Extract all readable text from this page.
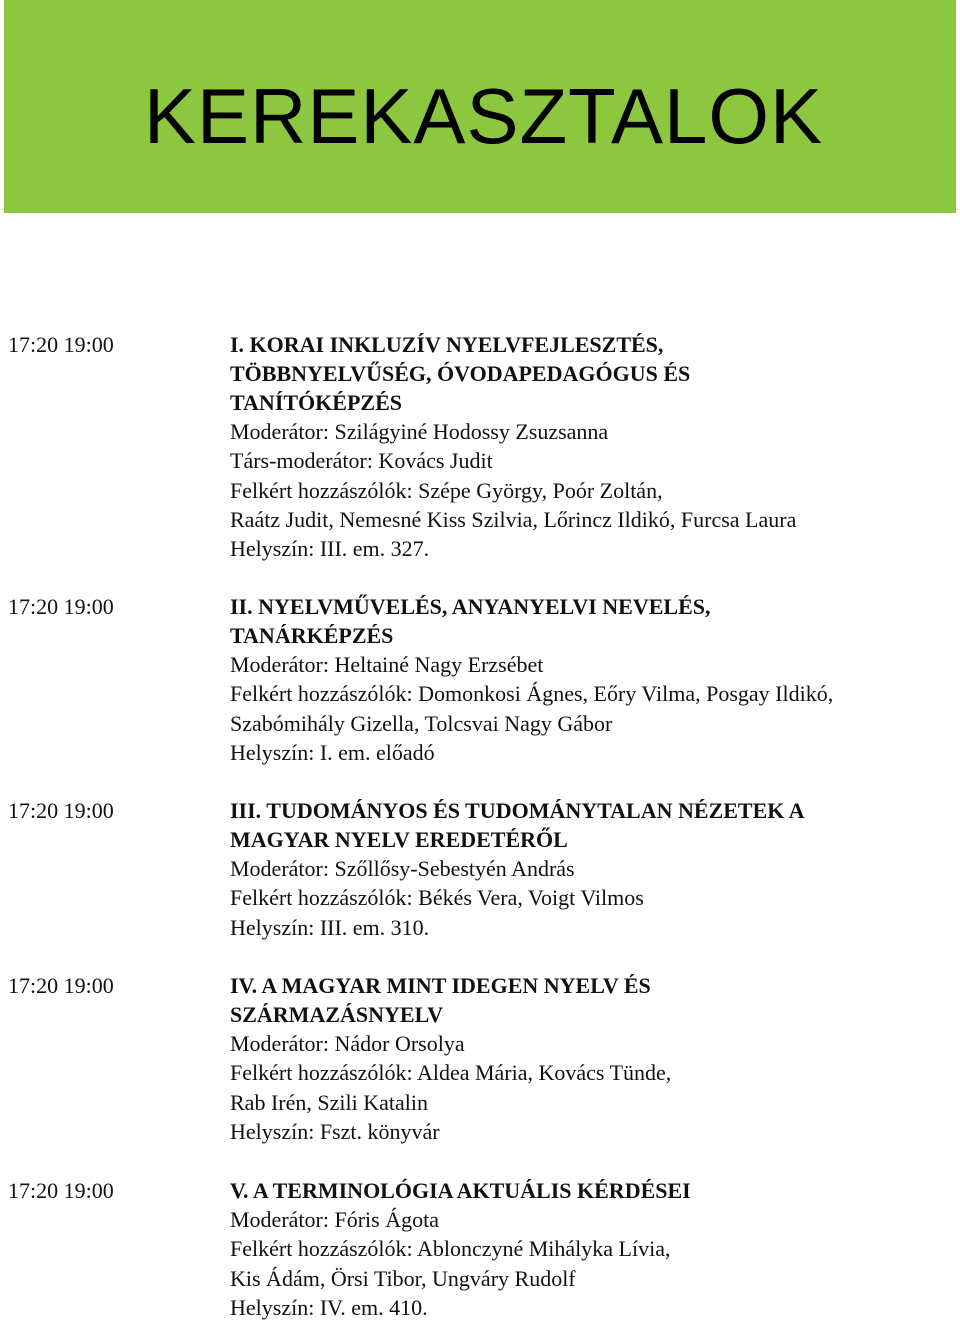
KEREKASZTALOK
17:20 19:00	I. KORAI INKLUZÍV NYELVFEJLESZTÉS,

TÖBBNYELVŰSÉG, ÓVODAPEDAGÓGUS ÉS

TANÍTÓKÉPZÉS

Moderátor: Szilágyiné Hodossy Zsuzsanna

Társ-moderátor: Kovács Judit

Felkért hozzászólók: Szépe György, Poór Zoltán,

Raátz Judit, Nemesné Kiss Szilvia, Lőrincz Ildikó, Furcsa Laura

Helyszín: III. em. 327.

17:20 19:00	II. NYELVMŰVELÉS, ANYANYELVI NEVELÉS,

TANÁRKÉPZÉS

Moderátor: Heltainé Nagy Erzsébet

Felkért hozzászólók: Domonkosi Ágnes, Eőry Vilma, Posgay Ildikó,

Szabómihály Gizella, Tolcsvai Nagy Gábor

Helyszín: I. em. előadó

17:20 19:00	III. TUDOMÁNYOS ÉS TUDOMÁNYTALAN NÉZETEK A

MAGYAR NYELV EREDETÉRŐL

Moderátor: Szőllősy-Sebestyén András

Felkért hozzászólók: Békés Vera, Voigt Vilmos

Helyszín: III. em. 310.

17:20 19:00	IV. A MAGYAR MINT IDEGEN NYELV ÉS

SZÁRMAZÁSNYELV

Moderátor: Nádor Orsolya

Felkért hozzászólók: Aldea Mária, Kovács Tünde,

Rab Irén, Szili Katalin

Helyszín: Fszt. könyvár

17:20 19:00	V. A TERMINOLÓGIA AKTUÁLIS KÉRDÉSEI

Moderátor: Fóris Ágota

Felkért hozzászólók: Ablonczyné Mihályka Lívia,

Kis Ádám, Örsi Tibor, Ungváry Rudolf

Helyszín: IV. em. 410.
